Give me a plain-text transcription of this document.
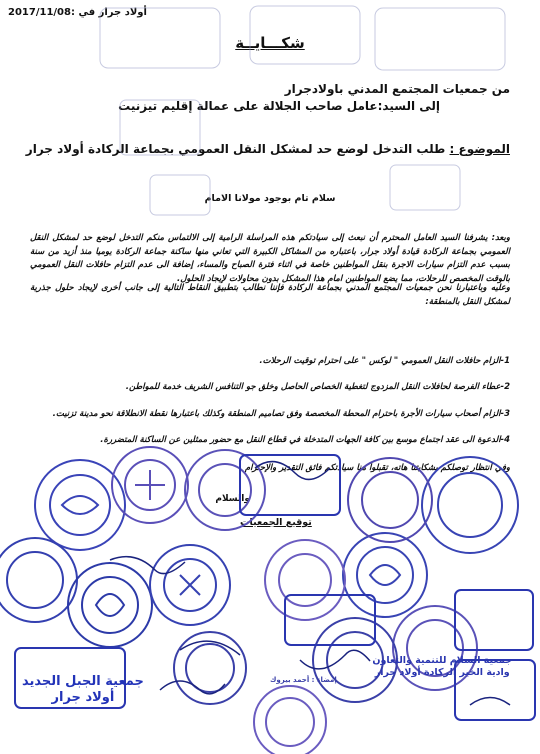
أولاد جرار في :2017/11/08
شكـــايــة
من جمعيات المجتمع المدني باولادجرار
إلى السيد:عامل صاحب الجلالة على عمالة إقليم تيزنيت
الموضوع : طلب التدخل لوضع حد لمشكل النقل العمومي بجماعة الركادة أولاد جرار
سلام تام بوجود مولانا الامام
وبعد: يشرفنا السيد العامل المحترم أن نبعث إلى سيادتكم هذه المراسلة الرامية إلى الالتماس منكم التدخل لوضع حد لمشكل النقل العمومي بجماعة الركادة قيادة أولاد جرار، باعتباره من المشاكل الكبيرة التي تعاني منها ساكنة جماعة الركادة يوميا منذ أزيد من سنة بسبب عدم التزام سيارات الاجرة بنقل المواطنين خاصة في اثناء فترة الصباح والمساء، إضافة الى عدم التزام حافلات النقل العمومي بالوقت المخصص للرحلات، مما يضع المواطنين امام هذا المشكل بدون محاولات لإيجاد الحلول.
وعليه وباعتبارنا نحن جمعيات المجتمع المدني بجماعة الركادة فإننا نطالب بتطبيق النقاط التالية إلى جانب أخرى لإيجاد حلول جذرية لمشكل النقل بالمنطقة:
1-الزام حافلات النقل العمومي " لوكس " على احترام توقيت الرحلات.
2-عطاء الفرصة لحافلات النقل المزدوج لتغطية الخصاص الحاصل وخلق جو التنافس الشريف خدمة للمواطن.
3-الزام أصحاب سيارات الأجرة باحترام المحطة المخصصة وفق تصاميم المنطقة وكذلك باعتبارها نقطة الانطلاقة نحو مدينة تزنيت.
4-الدعوة الى عقد اجتماع موسع بين كافة الجهات المتدخلة في قطاع النقل مع حضور ممثلين عن الساكنة المتضررة.
وفي انتظار توصلكم بشكايتنا هاته، تقبلوا منا سيادتكم فائق التقدير والإحترام .
والسلام
توقيع الجمعيات
جمعية الجبل الجديد
أولاد جرار
جمعية السلام للتنمية والتعاون
وادية الخير الركادة أولاد جرار
إمضاء : أحمد بيروك
